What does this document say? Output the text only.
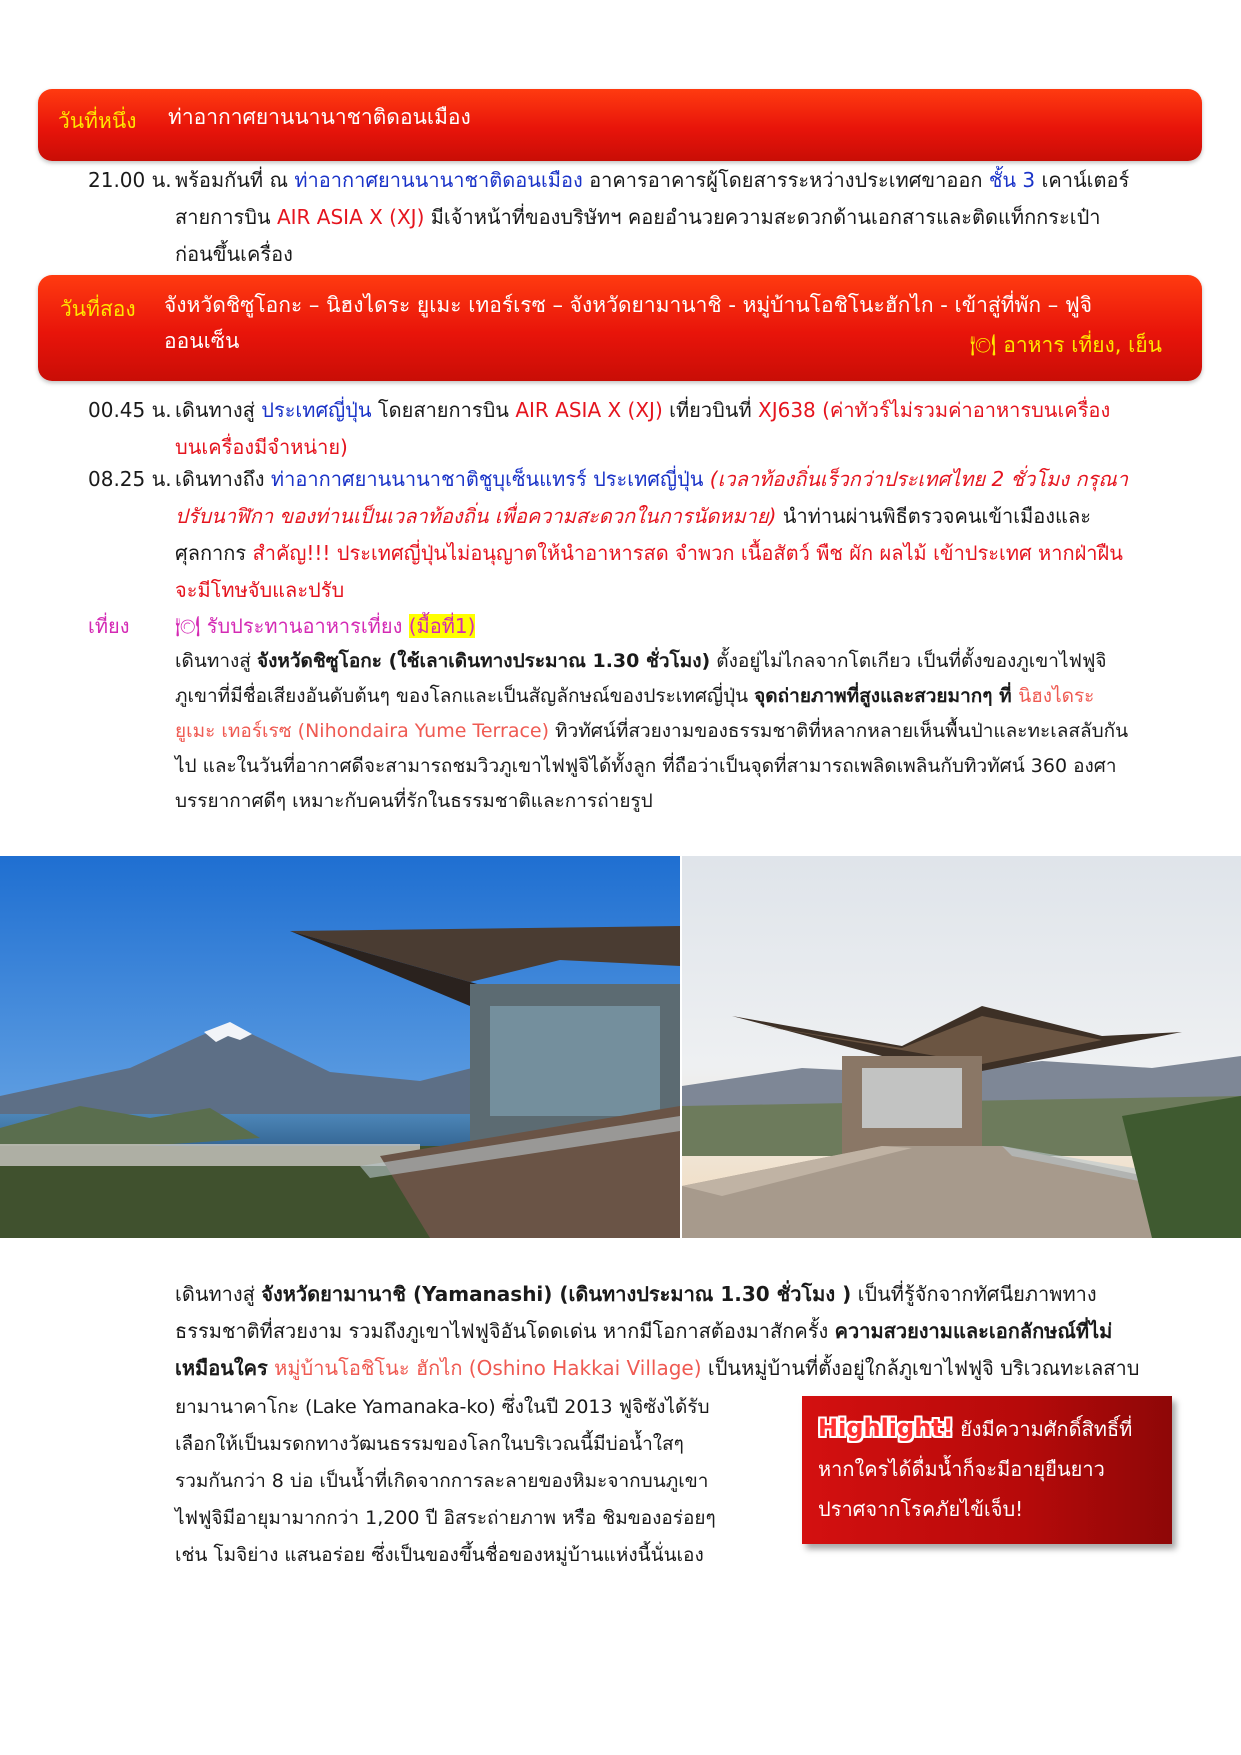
วันที่หนึ่ง ท่าอากาศยานนานาชาติดอนเมือง
21.00 น. พร้อมกันที่ ณ ท่าอากาศยานนานาชาติดอนเมือง อาคารอาคารผู้โดยสารระหว่างประเทศขาออก ชั้น 3 เคาน์เตอร์
สายการบิน AIR ASIA X (XJ) มีเจ้าหน้าที่ของบริษัทฯ คอยอำนวยความสะดวกด้านเอกสารและติดแท็กกระเป๋า
ก่อนขึ้นเครื่อง
วันที่สอง จังหวัดชิซูโอกะ – นิฮงไดระ ยูเมะ เทอร์เรซ – จังหวัดยามานาชิ - หมู่บ้านโอชิโนะฮักไก - เข้าสู่ที่พัก – ฟูจิ
ออนเซ็น	🍽 อาหาร เที่ยง, เย็น
00.45 น. เดินทางสู่ ประเทศญี่ปุ่น โดยสายการบิน AIR ASIA X (XJ) เที่ยวบินที่ XJ638 (ค่าทัวร์ไม่รวมค่าอาหารบนเครื่อง
บนเครื่องมีจำหน่าย)
08.25 น. เดินทางถึง ท่าอากาศยานนานาชาติชูบุเซ็นแทรร์ ประเทศญี่ปุ่น (เวลาท้องถิ่นเร็วกว่าประเทศไทย 2 ชั่วโมง กรุณา
ปรับนาฬิกา ของท่านเป็นเวลาท้องถิ่น เพื่อความสะดวกในการนัดหมาย) นำท่านผ่านพิธีตรวจคนเข้าเมืองและ
ศุลกากร สำคัญ!!! ประเทศญี่ปุ่นไม่อนุญาตให้นำอาหารสด จำพวก เนื้อสัตว์ พืช ผัก ผลไม้ เข้าประเทศ หากฝ่าฝืน
จะมีโทษจับและปรับ
เที่ยง 🍽 รับประทานอาหารเที่ยง (มื้อที่1)
เดินทางสู่ จังหวัดชิซูโอกะ (ใช้เลาเดินทางประมาณ 1.30 ชั่วโมง) ตั้งอยู่ไม่ไกลจากโตเกียว เป็นที่ตั้งของภูเขาไฟฟูจิ
ภูเขาที่มีชื่อเสียงอันดับต้นๆ ของโลกและเป็นสัญลักษณ์ของประเทศญี่ปุ่น จุดถ่ายภาพที่สูงและสวยมากๆ ที่ นิฮงไดระ
ยูเมะ เทอร์เรซ (Nihondaira Yume Terrace) ทิวทัศน์ที่สวยงามของธรรมชาติที่หลากหลายเห็นพื้นป่าและทะเลสลับกัน
ไป และในวันที่อากาศดีจะสามารถชมวิวภูเขาไฟฟูจิได้ทั้งลูก ที่ถือว่าเป็นจุดที่สามารถเพลิดเพลินกับทิวทัศน์ 360 องศา
บรรยากาศดีๆ เหมาะกับคนที่รักในธรรมชาติและการถ่ายรูป
เดินทางสู่ จังหวัดยามานาชิ (Yamanashi) (เดินทางประมาณ 1.30 ชั่วโมง ) เป็นที่รู้จักจากทัศนียภาพทาง
ธรรมชาติที่สวยงาม รวมถึงภูเขาไฟฟูจิอันโดดเด่น หากมีโอกาสต้องมาสักครั้ง ความสวยงามและเอกลักษณ์ที่ไม่
เหมือนใคร หมู่บ้านโอชิโนะ ฮักไก (Oshino Hakkai Village) เป็นหมู่บ้านที่ตั้งอยู่ใกล้ภูเขาไฟฟูจิ บริเวณทะเลสาบ
ยามานาคาโกะ (Lake Yamanaka-ko) ซึ่งในปี 2013 ฟูจิซังได้รับ
เลือกให้เป็นมรดกทางวัฒนธรรมของโลกในบริเวณนี้มีบ่อน้ำใสๆ
รวมกันกว่า 8 บ่อ เป็นน้ำที่เกิดจากการละลายของหิมะจากบนภูเขา
ไฟฟูจิมีอายุมามากกว่า 1,200 ปี อิสระถ่ายภาพ หรือ ชิมของอร่อยๆ
เช่น โมจิย่าง แสนอร่อย ซึ่งเป็นของขึ้นชื่อของหมู่บ้านแห่งนี้นั่นเอง
Highlight! ยังมีความศักดิ์สิทธิ์ที่
หากใครได้ดื่มน้ำก็จะมีอายุยืนยาว
ปราศจากโรคภัยไข้เจ็บ!
